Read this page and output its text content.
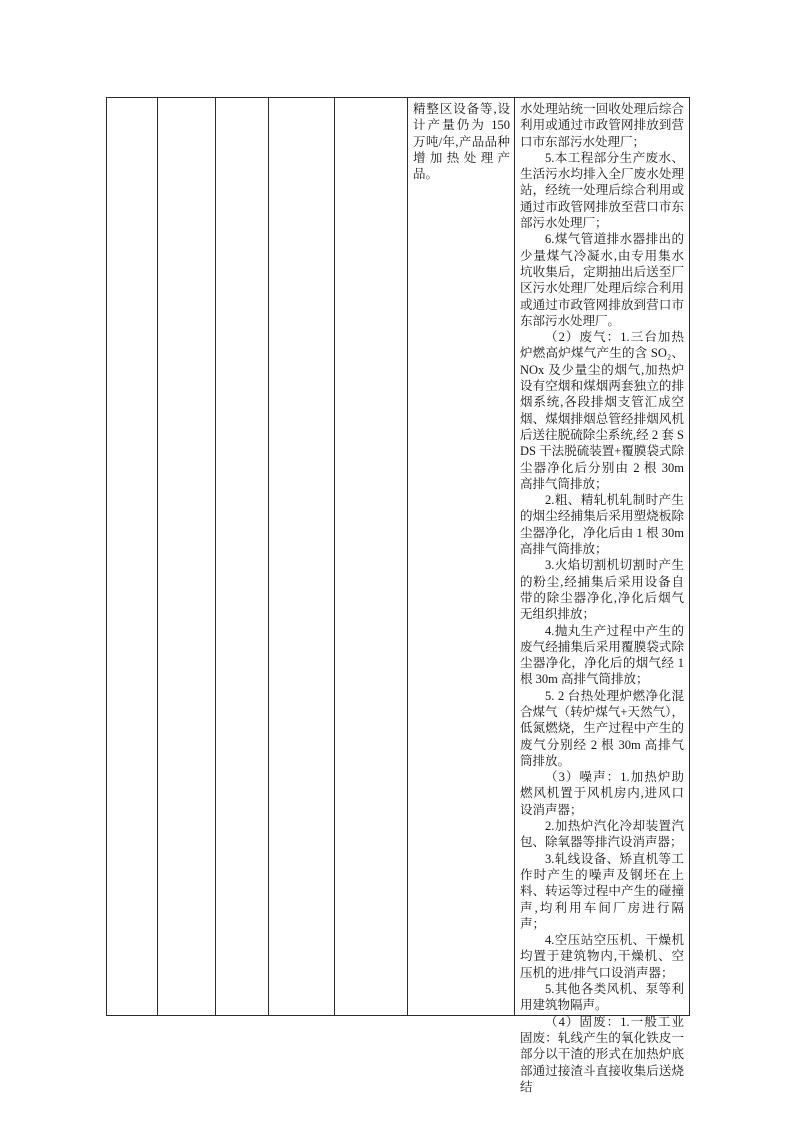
精整区设备等,设计产量仍为 150 万吨/年,产品品种增加热处理产品。

水处理站统一回收处理后综合利用或通过市政管网排放到营口市东部污水处理厂；

5.本工程部分生产废水、生活污水均排入全厂废水处理站，经统一处理后综合利用或通过市政管网排放至营口市东部污水处理厂；

6.煤气管道排水器排出的少量煤气冷凝水,由专用集水坑收集后，定期抽出后送至厂区污水处理厂处理后综合利用或通过市政管网排放到营口市东部污水处理厂。

（2）废气：1.三台加热炉燃高炉煤气产生的含 SO₂、NOx 及少量尘的烟气,加热炉设有空烟和煤烟两套独立的排烟系统,各段排烟支管汇成空烟、煤烟排烟总管经排烟风机后送往脱硫除尘系统,经 2 套 SDS 干法脱硫装置+覆膜袋式除尘器净化后分别由 2 根 30m 高排气筒排放；

2.粗、精轧机轧制时产生的烟尘经捕集后采用塑烧板除尘器净化，净化后由 1 根 30m 高排气筒排放；

3.火焰切割机切割时产生的粉尘,经捕集后采用设备自带的除尘器净化,净化后烟气无组织排放；

4.抛丸生产过程中产生的废气经捕集后采用覆膜袋式除尘器净化，净化后的烟气经 1 根 30m 高排气筒排放；

5. 2 台热处理炉燃净化混合煤气（转炉煤气+天然气），低氮燃烧，生产过程中产生的废气分别经 2 根 30m 高排气筒排放。

（3）噪声：1.加热炉助燃风机置于风机房内,进风口设消声器；

2.加热炉汽化冷却装置汽包、除氧器等排汽设消声器；

3.轧线设备、矫直机等工作时产生的噪声及钢坯在上料、转运等过程中产生的碰撞声,均利用车间厂房进行隔声；

4.空压站空压机、干燥机均置于建筑物内,干燥机、空压机的进/排气口设消声器；

5.其他各类风机、泵等利用建筑物隔声。

（4）固废：1.一般工业固废：轧线产生的氧化铁皮一部分以干渣的形式在加热炉底部通过接渣斗直接收集后送烧结
